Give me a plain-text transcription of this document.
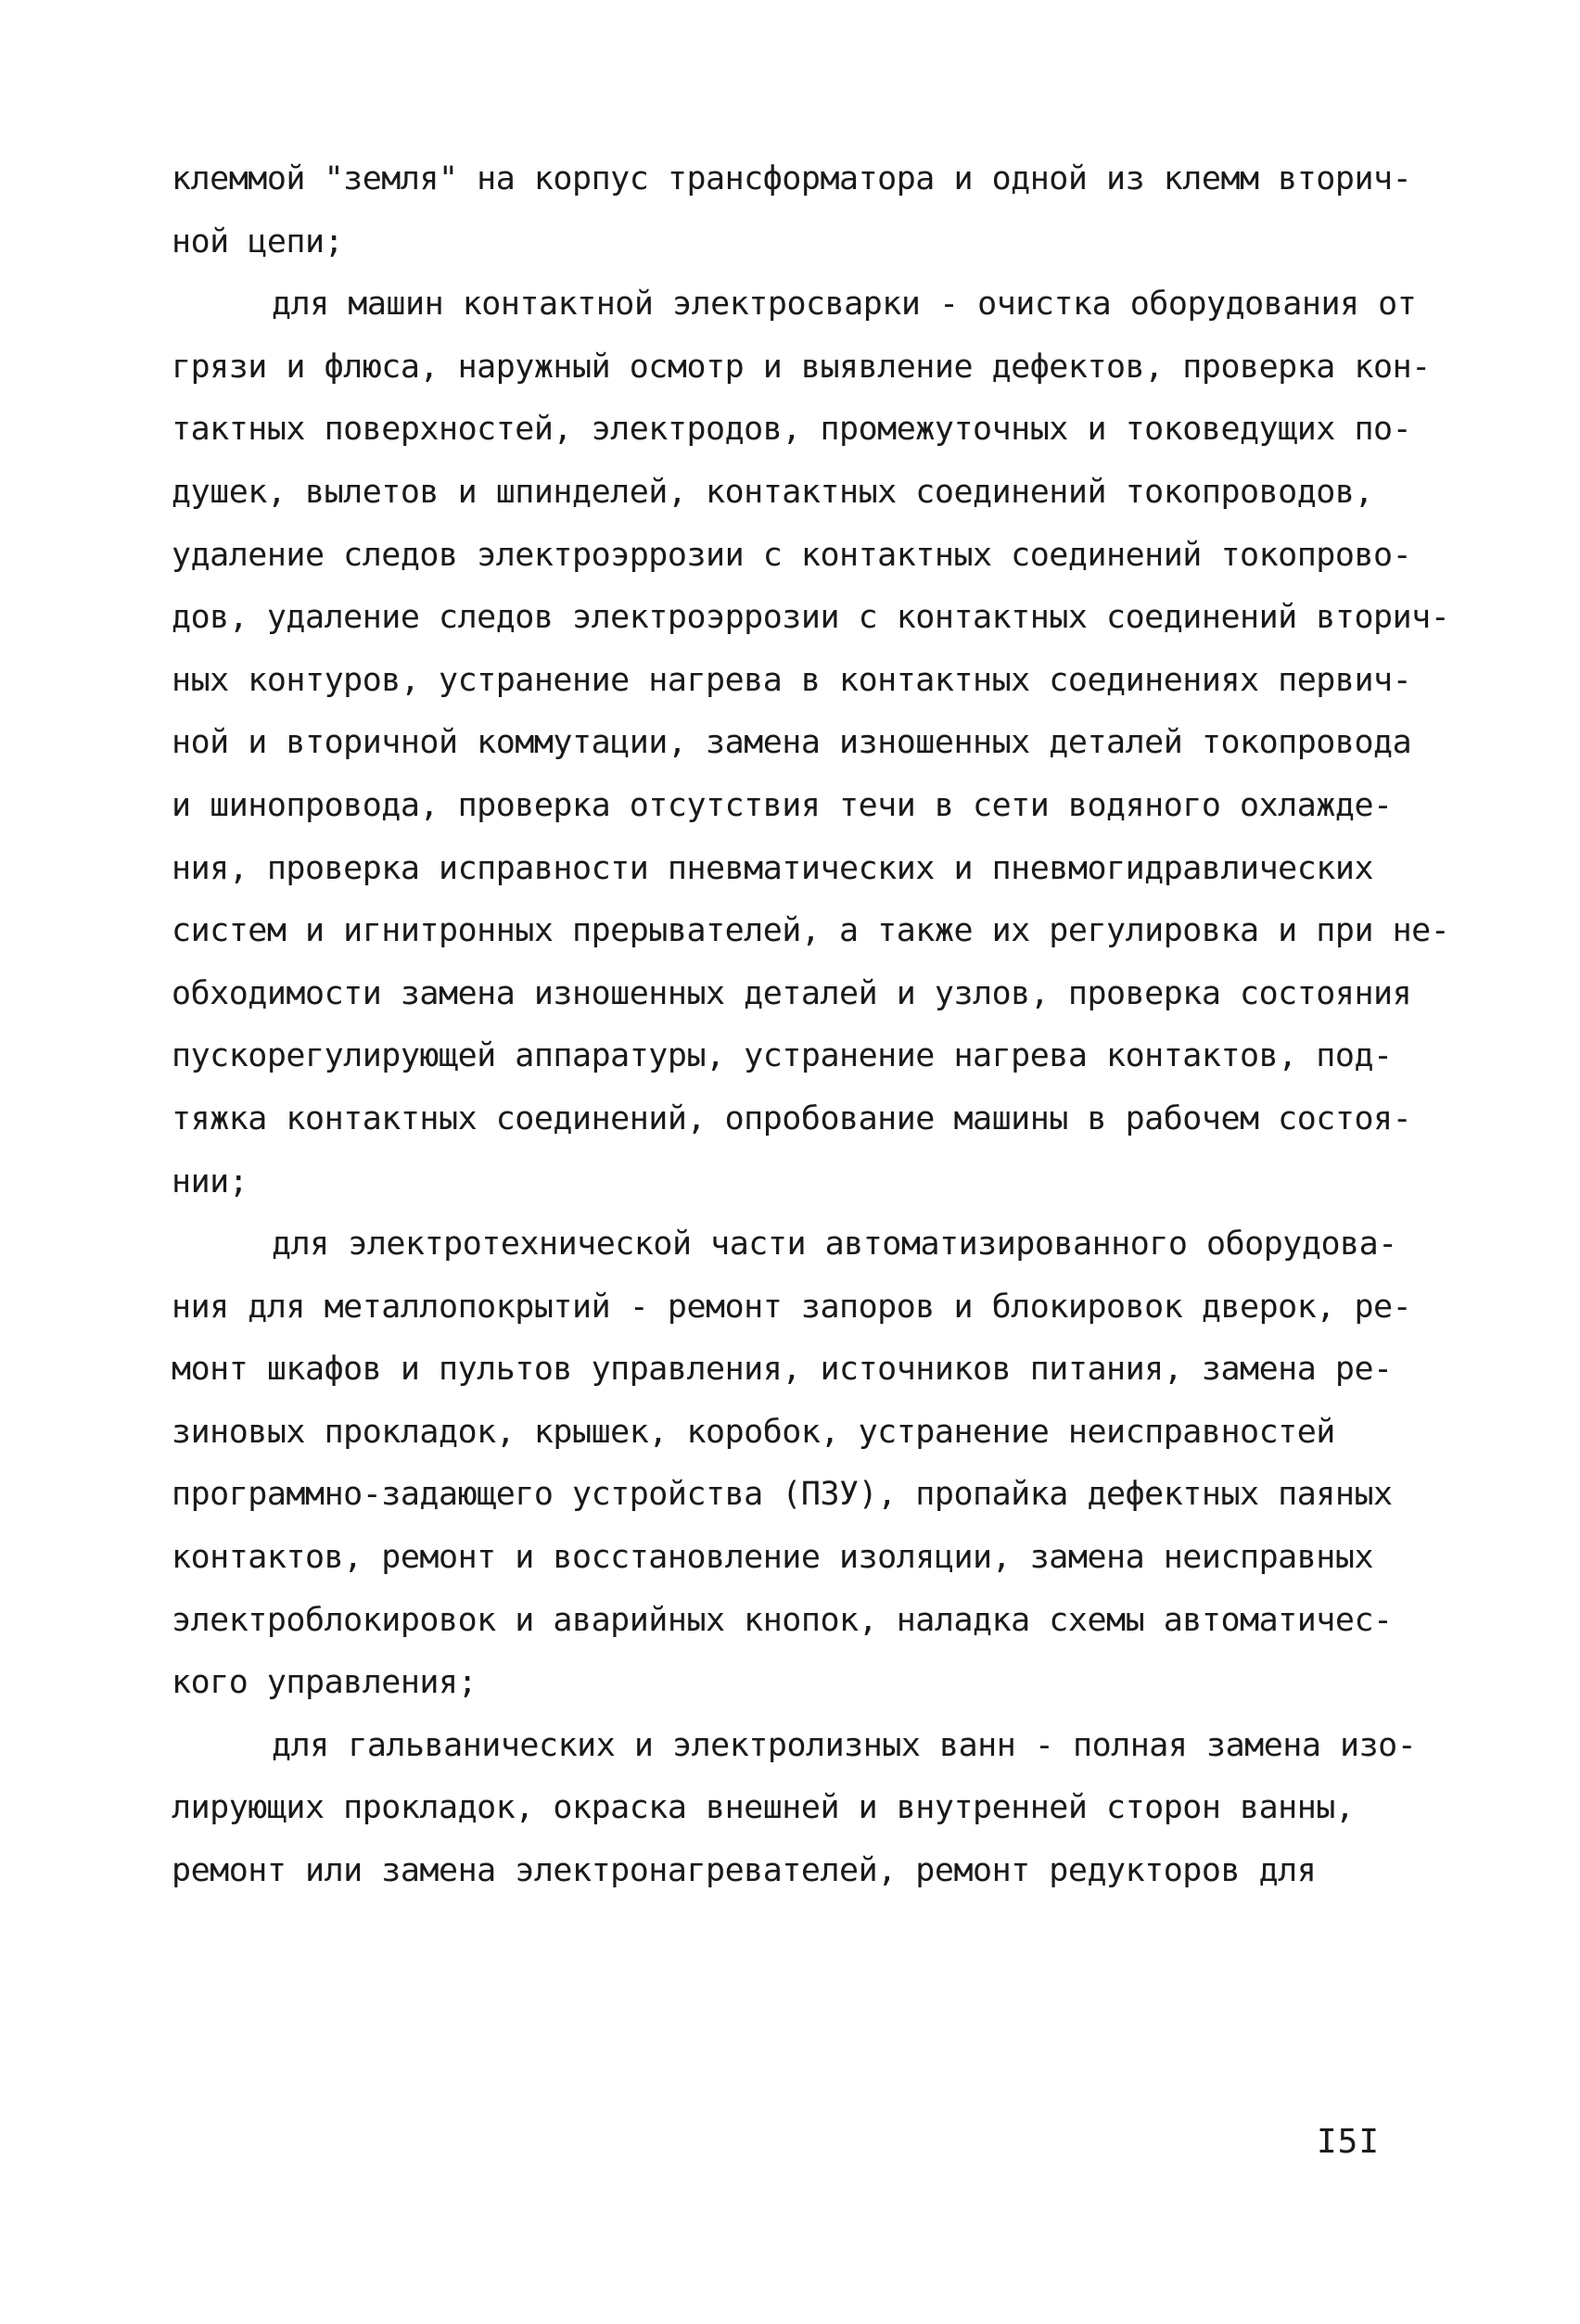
клеммой "земля" на корпус трансформатора и одной из клемм вторич-
ной цепи;
для машин контактной электросварки - очистка оборудования от
грязи и флюса, наружный осмотр и выявление дефектов, проверка кон-
тактных поверхностей, электродов, промежуточных и токоведущих по-
душек, вылетов и шпинделей, контактных соединений токопроводов,
удаление следов электроэррозии с контактных соединений токопрово-
дов, удаление следов электроэррозии с контактных соединений вторич-
ных контуров, устранение нагрева в контактных соединениях первич-
ной и вторичной коммутации, замена изношенных деталей токопровода
и шинопровода, проверка отсутствия течи в сети водяного охлажде-
ния, проверка исправности пневматических и пневмогидравлических
систем и игнитронных прерывателей, а также их регулировка и при не-
обходимости замена изношенных деталей и узлов, проверка состояния
пускорегулирующей аппаратуры, устранение нагрева контактов, под-
тяжка контактных соединений, опробование машины в рабочем состоя-
нии;
для электротехнической части автоматизированного оборудова-
ния для металлопокрытий - ремонт запоров и блокировок дверок, ре-
монт шкафов и пультов управления, источников питания, замена ре-
зиновых прокладок, крышек, коробок, устранение неисправностей
программно-задающего устройства (ПЗУ), пропайка дефектных паяных
контактов, ремонт и восстановление изоляции, замена неисправных
электроблокировок и аварийных кнопок, наладка схемы автоматичес-
кого управления;
для гальванических и электролизных ванн - полная замена изо-
лирующих прокладок, окраска внешней и внутренней сторон ванны,
ремонт или замена электронагревателей, ремонт редукторов для
I5I
